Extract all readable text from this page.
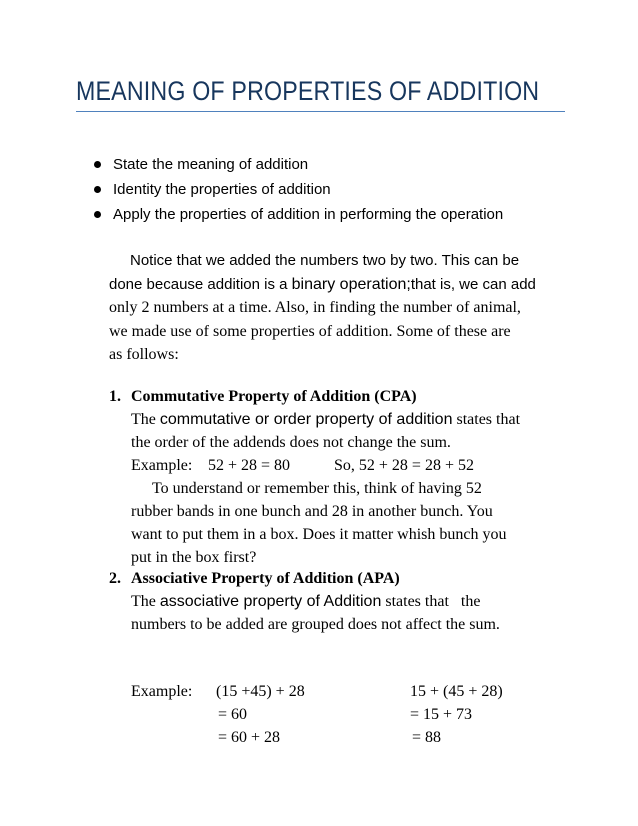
MEANING OF PROPERTIES OF ADDITION
State the meaning of addition
Identity the properties of addition
Apply the properties of addition in performing the operation
Notice that we added the numbers two by two. This can be
done because addition is a binary operation;that is, we can add
only 2 numbers at a time. Also, in finding the number of animal,
we made use of some properties of addition. Some of these are
as follows:
1. Commutative Property of Addition (CPA)
The commutative or order property of addition states that
the order of the addends does not change the sum.
Example: 52 + 28 = 80	So, 52 + 28 = 28 + 52
To understand or remember this, think of having 52
rubber bands in one bunch and 28 in another bunch. You
want to put them in a box. Does it matter whish bunch you
put in the box first?
2. Associative Property of Addition (APA)
The associative property of Addition states that   the
numbers to be added are grouped does not affect the sum.
Example: (15 +45) + 28
= 60
= 60 + 28
15 + (45 + 28)
= 15 + 73
= 88
